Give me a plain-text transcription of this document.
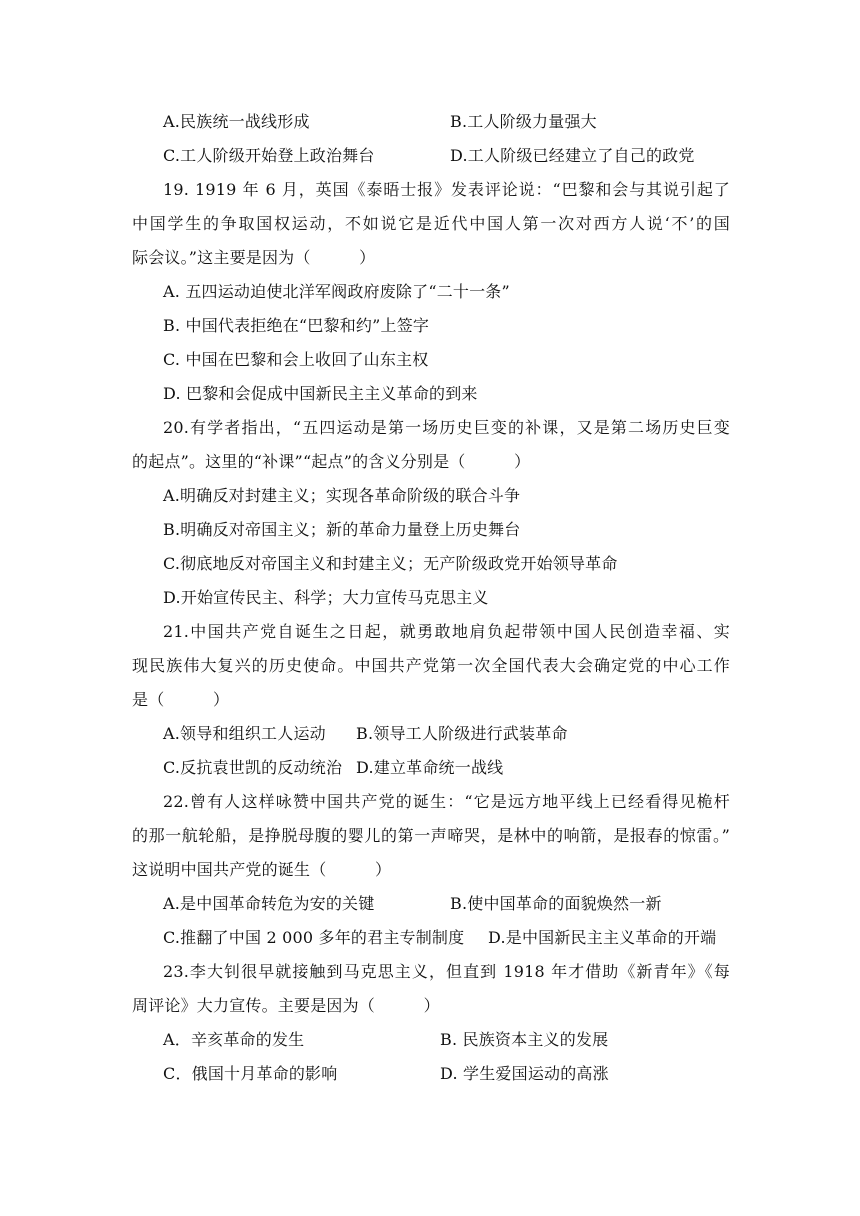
A.民族统一战线形成	B.工人阶级力量强大
C.工人阶级开始登上政治舞台	D.工人阶级已经建立了自己的政党
19. 1919 年 6 月，英国《泰晤士报》发表评论说：“巴黎和会与其说引起了
中国学生的争取国权运动，不如说它是近代中国人第一次对西方人说‘不’的国
际会议。”这主要是因为（　　　）
A. 五四运动迫使北洋军阀政府废除了“二十一条”
B. 中国代表拒绝在“巴黎和约”上签字
C. 中国在巴黎和会上收回了山东主权
D. 巴黎和会促成中国新民主主义革命的到来
20.有学者指出，“五四运动是第一场历史巨变的补课，又是第二场历史巨变
的起点”。这里的“补课”“起点”的含义分别是（　　　）
A.明确反对封建主义；实现各革命阶级的联合斗争
B.明确反对帝国主义；新的革命力量登上历史舞台
C.彻底地反对帝国主义和封建主义；无产阶级政党开始领导革命
D.开始宣传民主、科学；大力宣传马克思主义
21.中国共产党自诞生之日起，就勇敢地肩负起带领中国人民创造幸福、实
现民族伟大复兴的历史使命。中国共产党第一次全国代表大会确定党的中心工作
是（　　　）
A.领导和组织工人运动 B.领导工人阶级进行武装革命
C.反抗袁世凯的反动统治 D.建立革命统一战线
22.曾有人这样咏赞中国共产党的诞生：“它是远方地平线上已经看得见桅杆
的那一航轮船，是挣脱母腹的婴儿的第一声啼哭，是林中的响箭，是报春的惊雷。”
这说明中国共产党的诞生（　　　）
A.是中国革命转危为安的关键	B.使中国革命的面貌焕然一新
C.推翻了中国 2 000 多年的君主专制制度 D.是中国新民主主义革命的开端
23.李大钊很早就接触到马克思主义，但直到 1918 年才借助《新青年》《每
周评论》大力宣传。主要是因为（　　　）
A．辛亥革命的发生	B. 民族资本主义的发展
C．俄国十月革命的影响	D. 学生爱国运动的高涨
